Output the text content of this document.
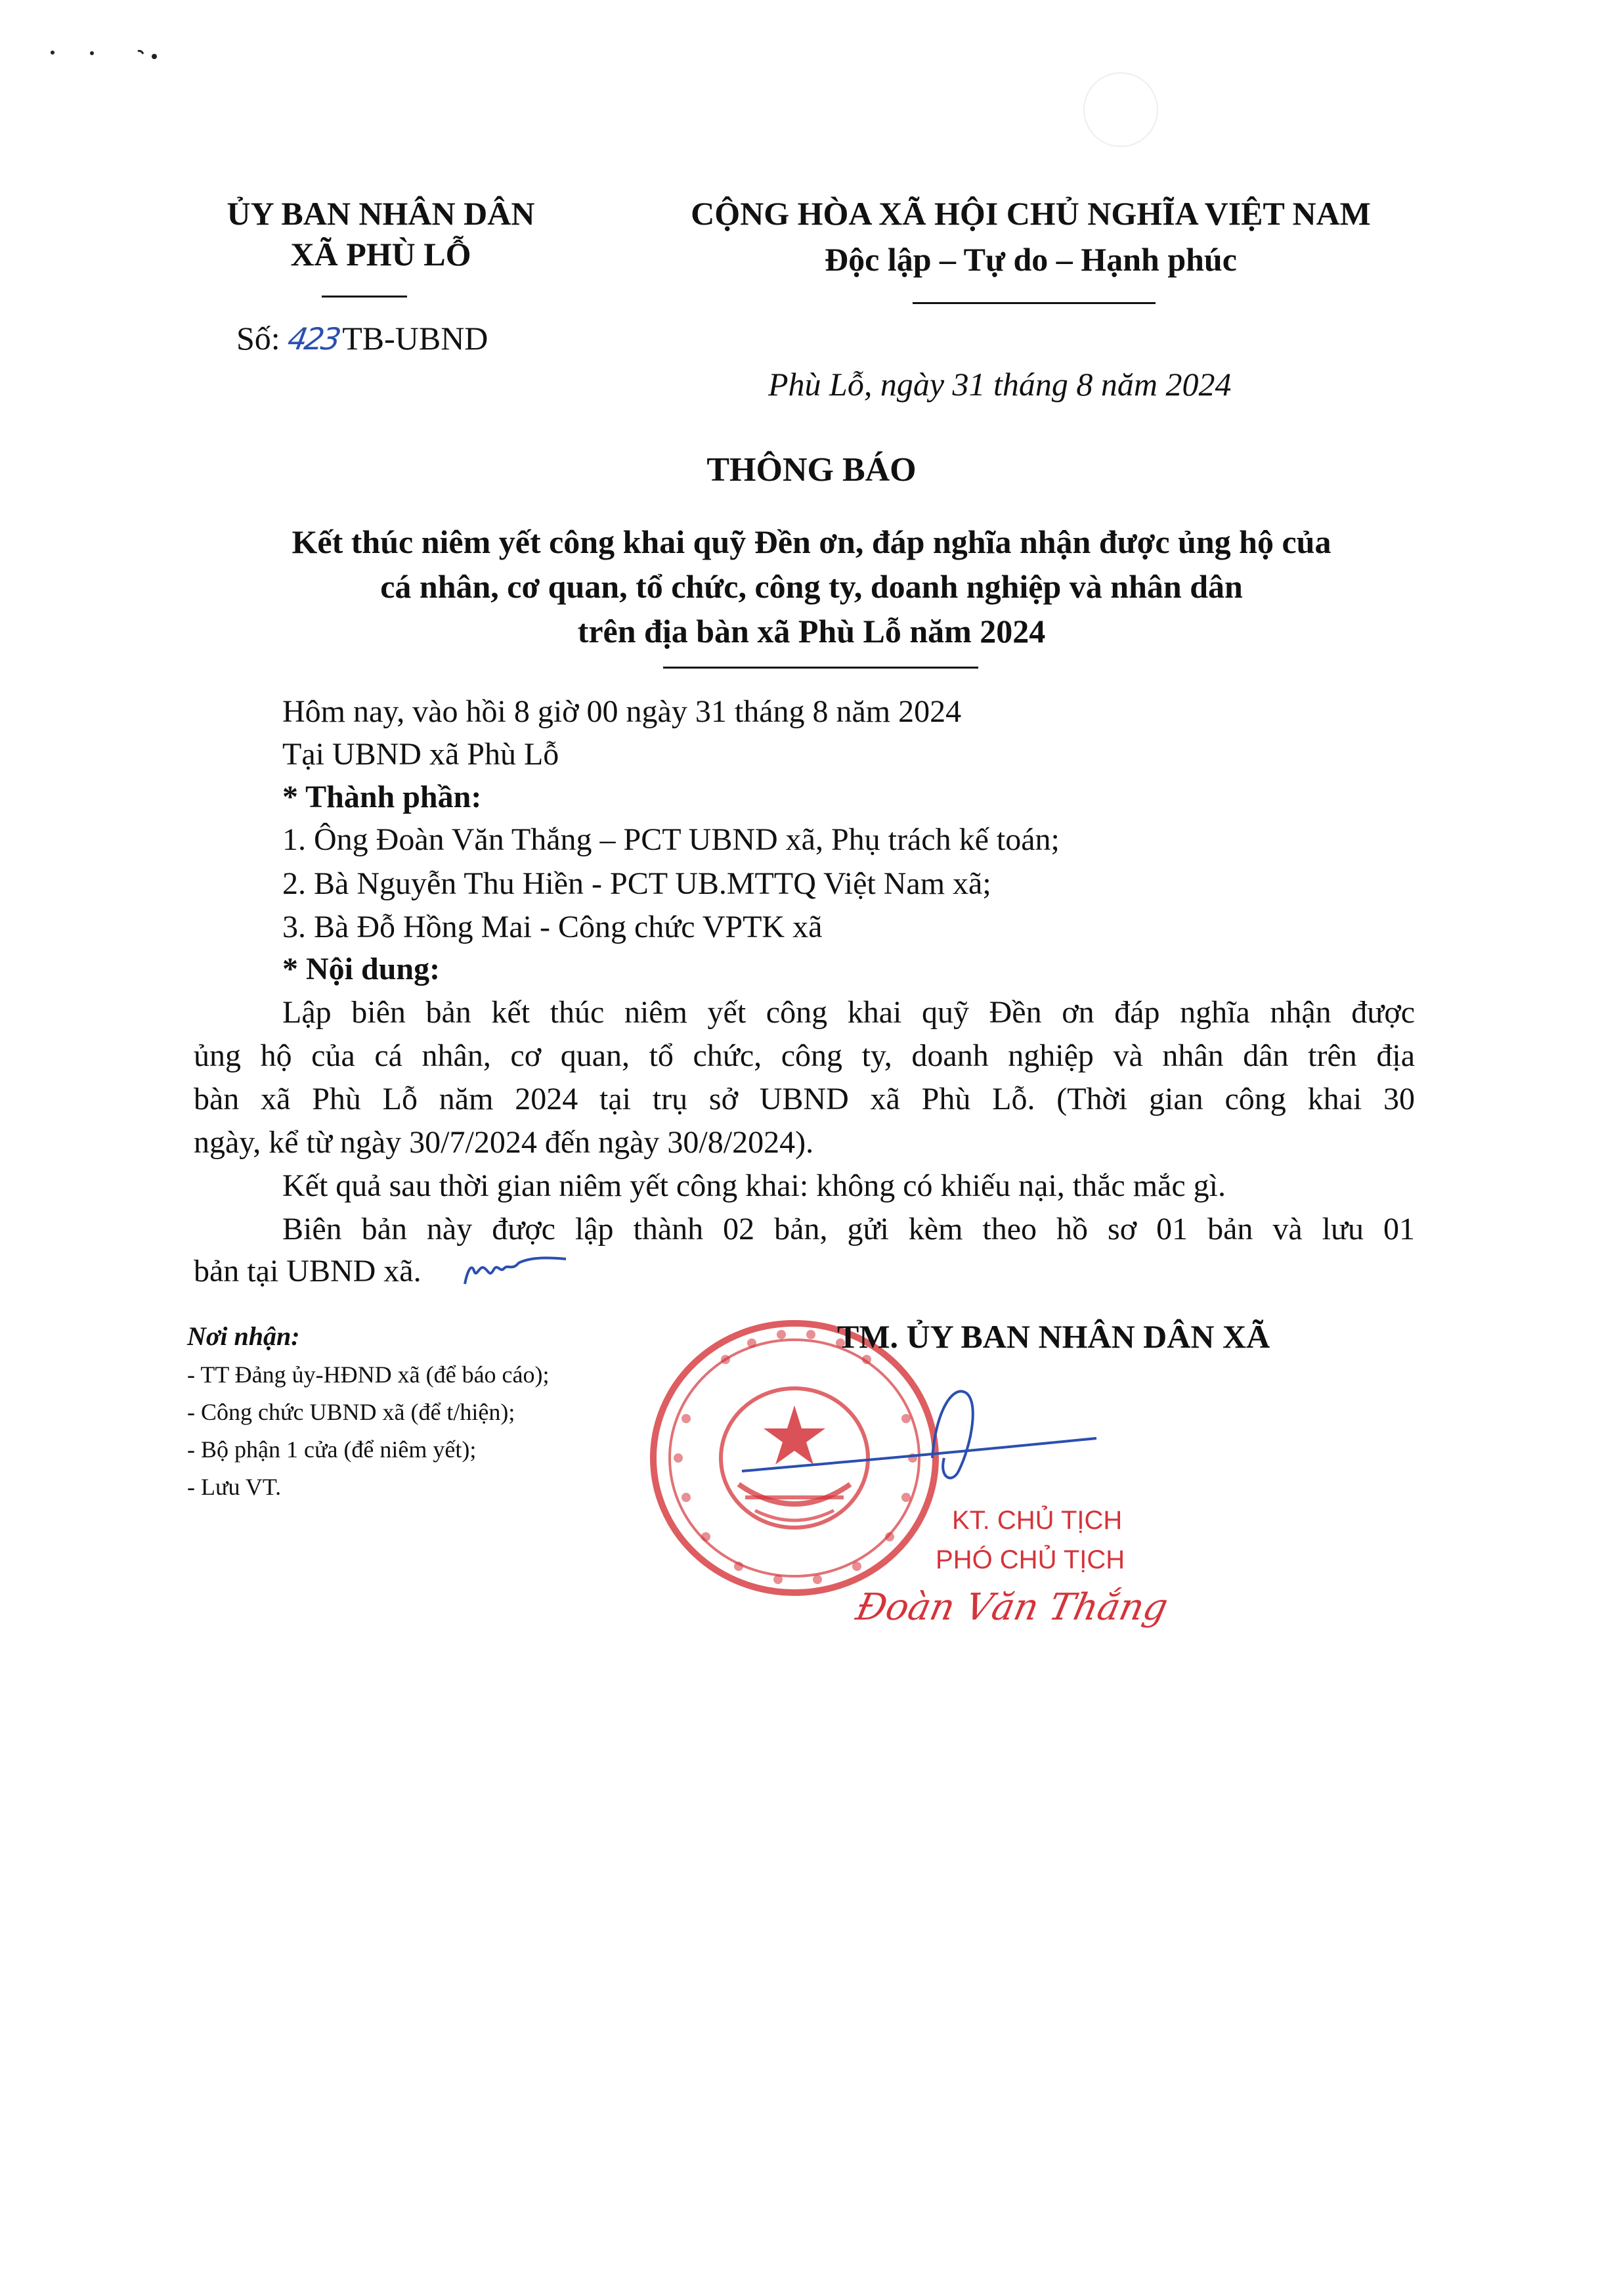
ỦY BAN NHÂN DÂN
XÃ PHÙ LỖ
Số: 423TB-UBND
CỘNG HÒA XÃ HỘI CHỦ NGHĨA VIỆT NAM
Độc lập – Tự do – Hạnh phúc
Phù Lỗ, ngày 31 tháng 8 năm 2024
THÔNG BÁO
Kết thúc niêm yết công khai quỹ Đền ơn, đáp nghĩa nhận được ủng hộ của
cá nhân, cơ quan, tổ chức, công ty, doanh nghiệp và nhân dân
trên địa bàn xã Phù Lỗ năm 2024
Hôm nay, vào hồi 8 giờ 00 ngày 31 tháng 8 năm 2024
Tại UBND xã Phù Lỗ
* Thành phần:
1. Ông Đoàn Văn Thắng – PCT UBND xã, Phụ trách kế toán;
2. Bà Nguyễn Thu Hiền - PCT UB.MTTQ Việt Nam xã;
3. Bà Đỗ Hồng Mai - Công chức VPTK xã
* Nội dung:
Lập biên bản kết thúc niêm yết công khai quỹ Đền ơn đáp nghĩa nhận được
ủng hộ của cá nhân, cơ quan, tổ chức, công ty, doanh nghiệp và nhân dân trên địa
bàn xã Phù Lỗ năm 2024 tại trụ sở UBND xã Phù Lỗ. (Thời gian công khai 30
ngày, kể từ ngày 30/7/2024 đến ngày 30/8/2024).
Kết quả sau thời gian niêm yết công khai: không có khiếu nại, thắc mắc gì.
Biên bản này được lập thành 02 bản, gửi kèm theo hồ sơ 01 bản và lưu 01
bản tại UBND xã.
Nơi nhận:
- TT Đảng ủy-HĐND xã (để báo cáo);
- Công chức UBND xã (để t/hiện);
- Bộ phận 1 cửa (để niêm yết);
- Lưu VT.
TM. ỦY BAN NHÂN DÂN XÃ
KT. CHỦ TỊCH
PHÓ CHỦ TỊCH
Đoàn Văn Thắng
